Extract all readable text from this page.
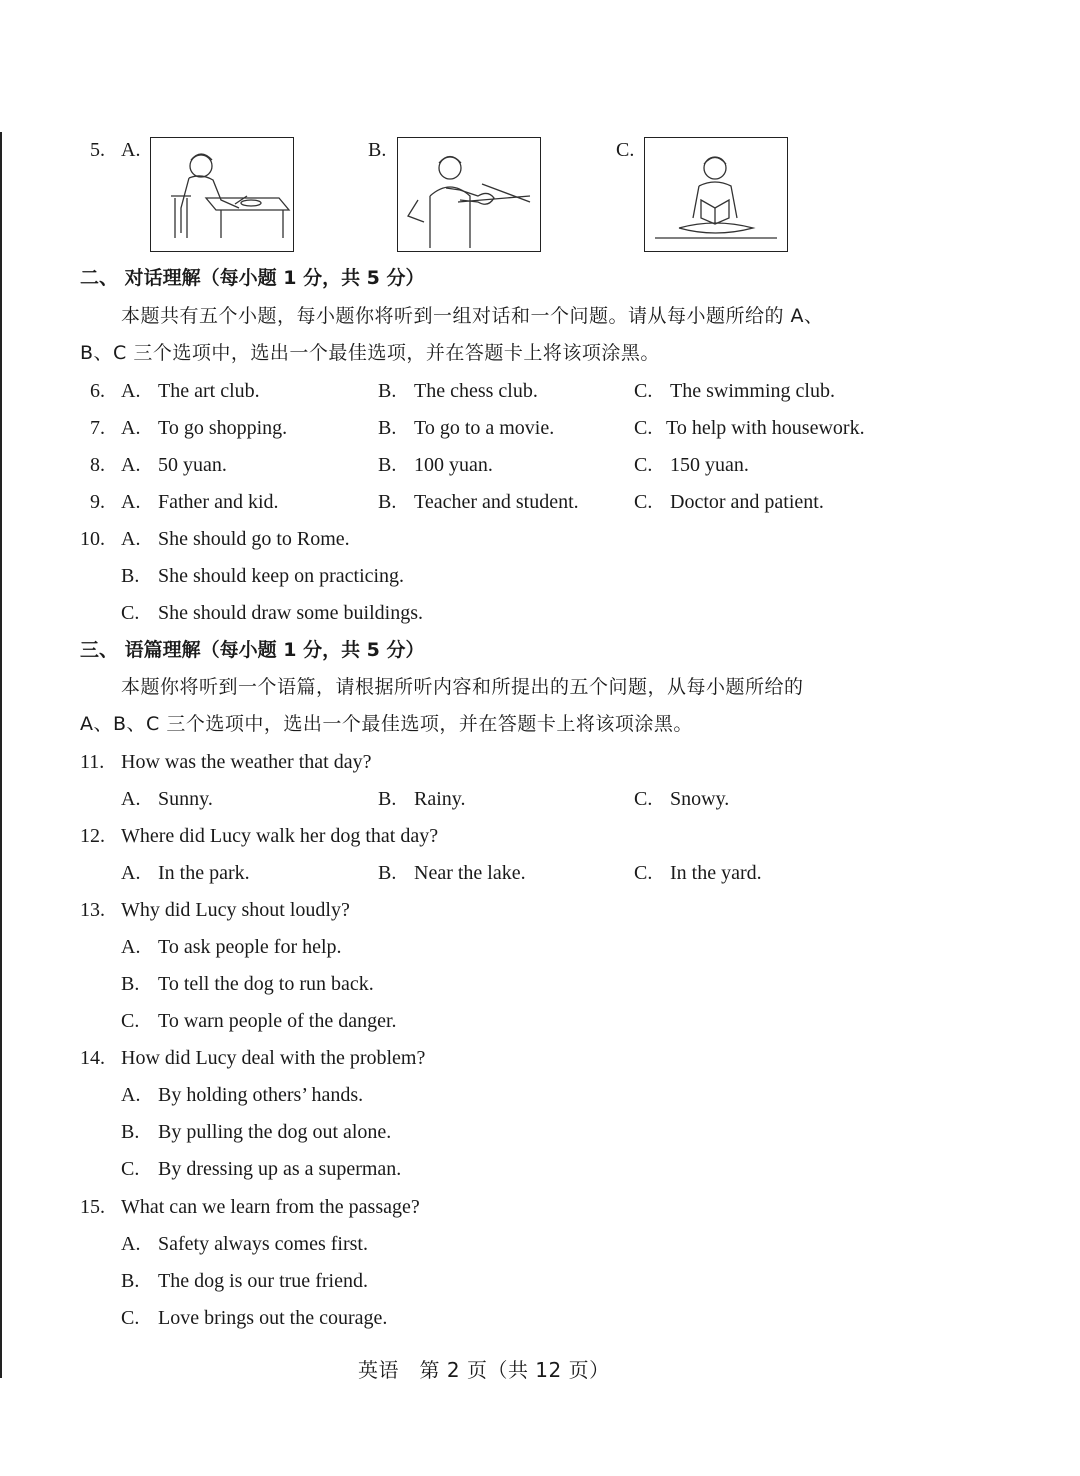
5. A.	B.	C.
二、 对话理解（每小题 1 分，共 5 分）
本题共有五个小题，每小题你将听到一组对话和一个问题。请从每小题所给的 A、
B、C 三个选项中，选出一个最佳选项，并在答题卡上将该项涂黑。
6. A. The art club.	B. The chess club.	C. The swimming club.
7. A. To go shopping.	B. To go to a movie.	C. To help with housework.
8. A. 50 yuan.	B. 100 yuan.	C. 150 yuan.
9. A. Father and kid.	B. Teacher and student.	C. Doctor and patient.
10. A. She should go to Rome.
B. She should keep on practicing.
C. She should draw some buildings.
三、 语篇理解（每小题 1 分，共 5 分）
本题你将听到一个语篇，请根据所听内容和所提出的五个问题，从每小题所给的
A、B、C 三个选项中，选出一个最佳选项，并在答题卡上将该项涂黑。
11. How was the weather that day?
A. Sunny.	B. Rainy.	C. Snowy.
12. Where did Lucy walk her dog that day?
A. In the park.	B. Near the lake.	C. In the yard.
13. Why did Lucy shout loudly?
A. To ask people for help.
B. To tell the dog to run back.
C. To warn people of the danger.
14. How did Lucy deal with the problem?
A. By holding others’ hands.
B. By pulling the dog out alone.
C. By dressing up as a superman.
15. What can we learn from the passage?
A. Safety always comes first.
B. The dog is our true friend.
C. Love brings out the courage.
英语　第 2 页（共 12 页）
